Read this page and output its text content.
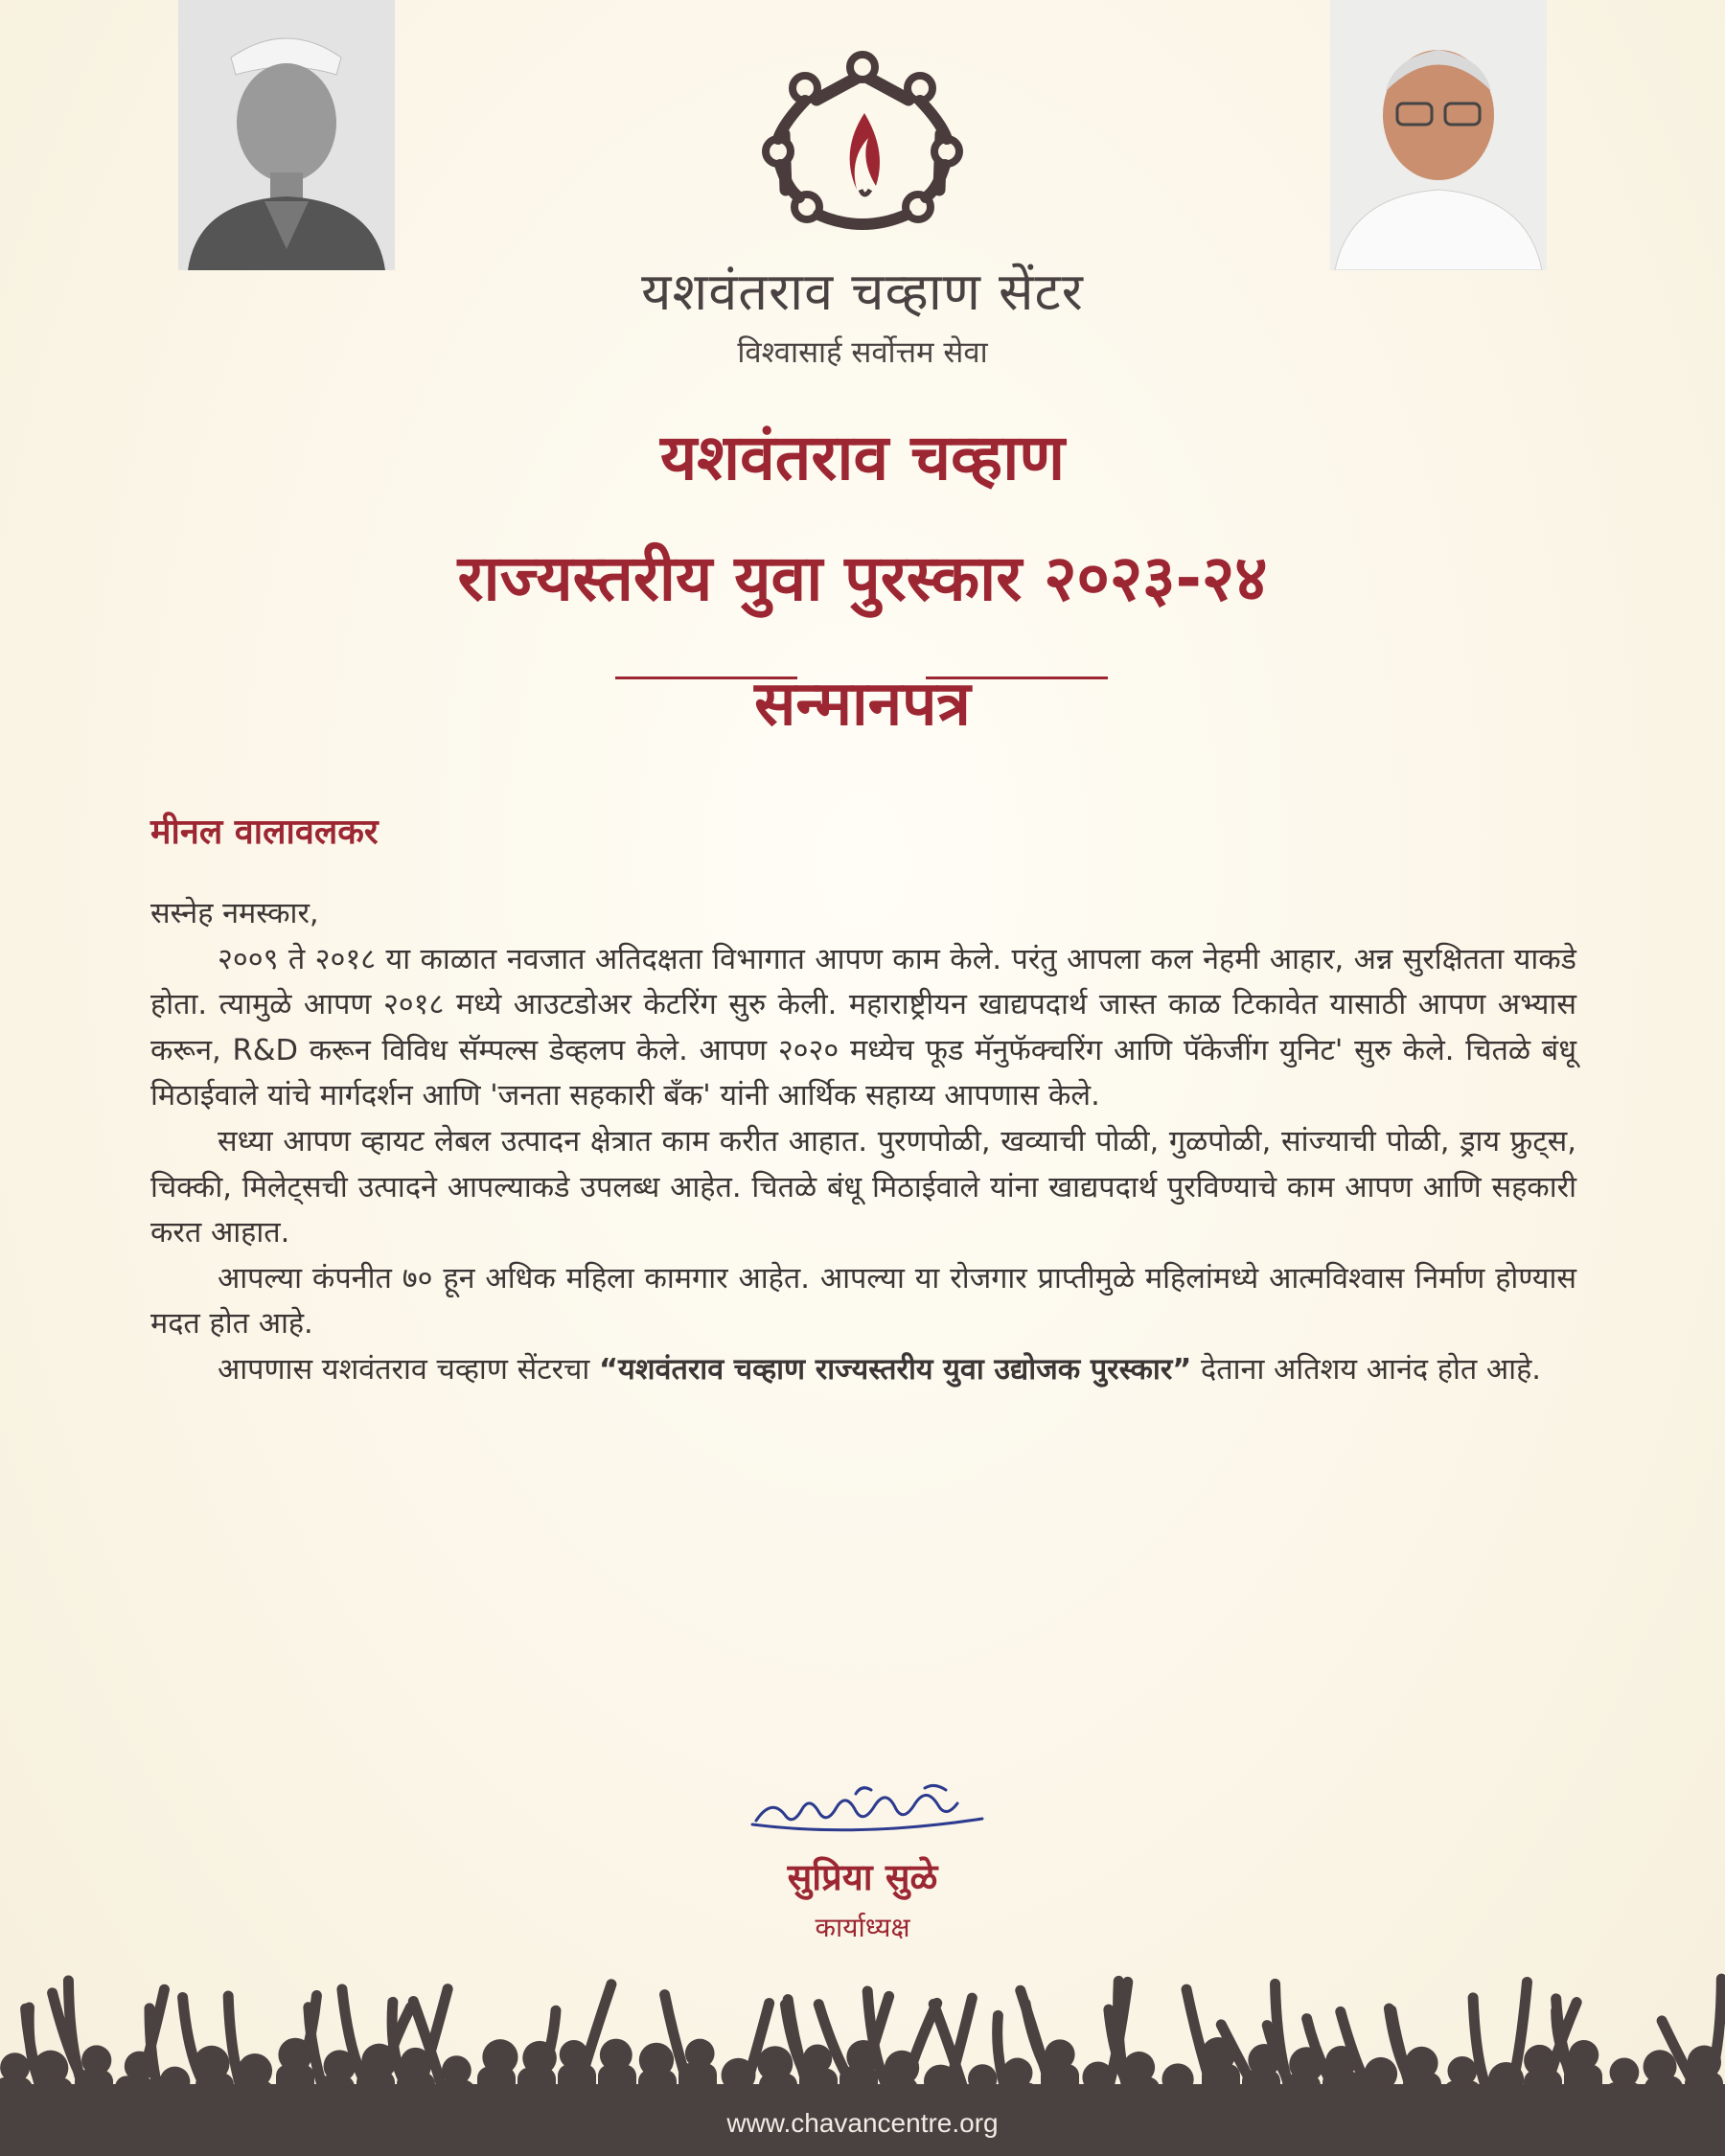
यशवंतराव चव्हाण सेंटर
विश्वासार्ह सर्वोत्तम सेवा
यशवंतराव चव्हाण
राज्यस्तरीय युवा पुरस्कार २०२३-२४
सन्मानपत्र
मीनल वालावलकर

सस्नेह नमस्कार,

२००९ ते २०१८ या काळात नवजात अतिदक्षता विभागात आपण काम केले. परंतु आपला कल नेहमी आहार, अन्न सुरक्षितता याकडे होता. त्यामुळे आपण २०१८ मध्ये आउटडोअर केटरिंग सुरु केली. महाराष्ट्रीयन खाद्यपदार्थ जास्त काळ टिकावेत यासाठी आपण अभ्यास करून, R&D करून विविध सॅम्पल्स डेव्हलप केले. आपण २०२० मध्येच फूड मॅनुफॅक्चरिंग आणि पॅकेजींग युनिट' सुरु केले. चितळे बंधू मिठाईवाले यांचे मार्गदर्शन आणि 'जनता सहकारी बँक' यांनी आर्थिक सहाय्य आपणास केले.

सध्या आपण व्हायट लेबल उत्पादन क्षेत्रात काम करीत आहात. पुरणपोळी, खव्याची पोळी, गुळपोळी, सांज्याची पोळी, ड्राय फ्रुट्स, चिक्की, मिलेट्सची उत्पादने आपल्याकडे उपलब्ध आहेत. चितळे बंधू मिठाईवाले यांना खाद्यपदार्थ पुरविण्याचे काम आपण आणि सहकारी करत आहात.

आपल्या कंपनीत ७० हून अधिक महिला कामगार आहेत. आपल्या या रोजगार प्राप्तीमुळे महिलांमध्ये आत्मविश्वास निर्माण होण्यास मदत होत आहे.

आपणास यशवंतराव चव्हाण सेंटरचा “यशवंतराव चव्हाण राज्यस्तरीय युवा उद्योजक पुरस्कार” देताना अतिशय आनंद होत आहे.

सुप्रिया सुळे
कार्याध्यक्ष
www.chavancentre.org
